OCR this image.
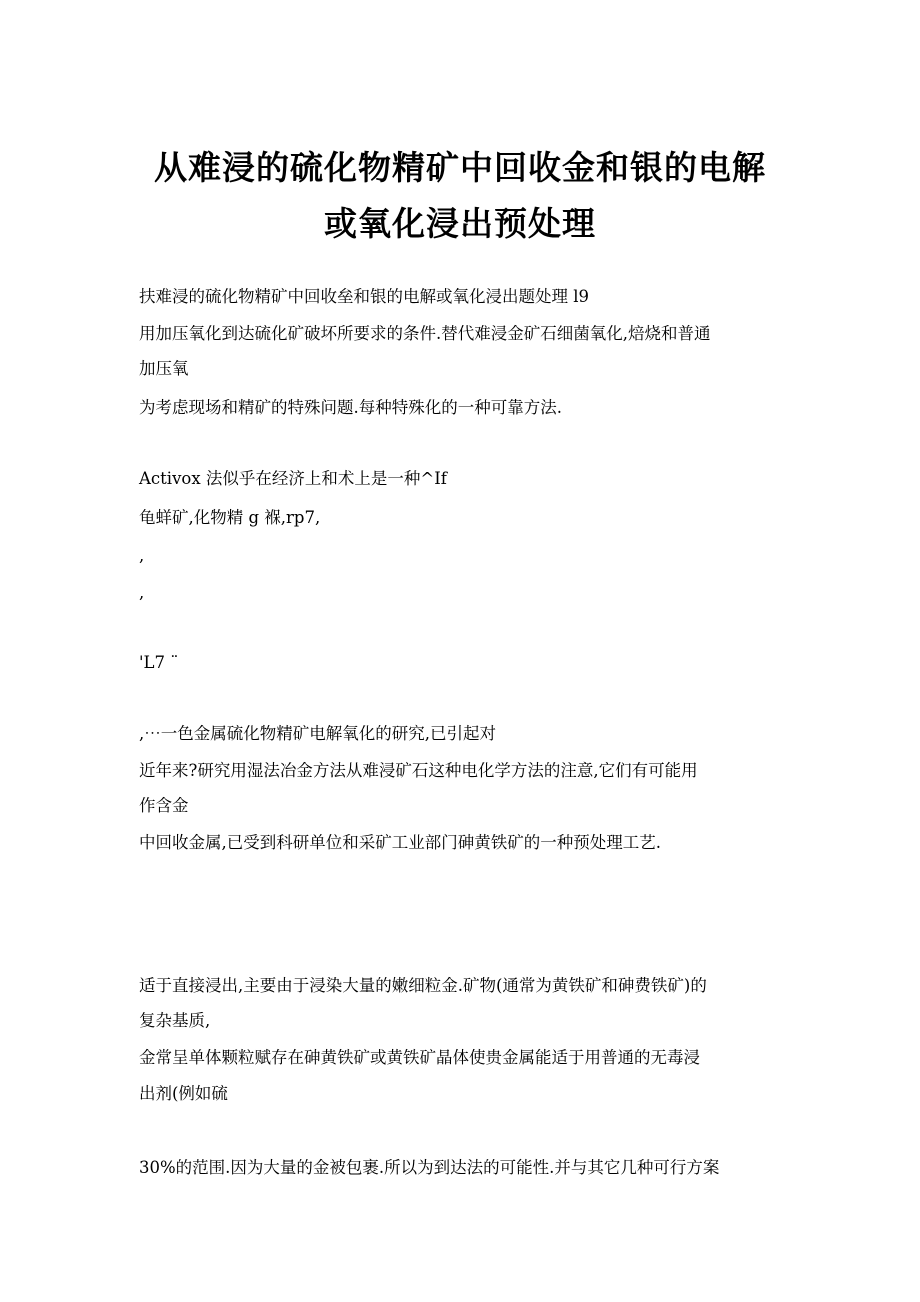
从难浸的硫化物精矿中回收金和银的电解
或氧化浸出预处理
扶难浸的硫化物精矿中回收垒和银的电解或氧化浸出题处理 l9
用加压氧化到达硫化矿破坏所要求的条件.替代难浸金矿石细菌氧化,焙烧和普通
加压氧
为考虑现场和精矿的特殊问题.每种特殊化的一种可靠方法.
Activox 法似乎在经济上和术上是一种^If
龟蛘矿,化物精 g 褓,rp7,
,
,
'L7 ¨
,⋯一色金属硫化物精矿电解氧化的研究,已引起对
近年来?研究用湿法冶金方法从难浸矿石这种电化学方法的注意,它们有可能用
作含金
中回收金属,已受到科研单位和采矿工业部门砷黄铁矿的一种预处理工艺.
适于直接浸出,主要由于浸染大量的嫩细粒金.矿物(通常为黄铁矿和砷费铁矿)的
复杂基质,
金常呈单体颗粒赋存在砷黄铁矿或黄铁矿晶体使贵金属能适于用普通的无毒浸
出剂(例如硫
30%的范围.因为大量的金被包裹.所以为到达法的可能性.并与其它几种可行方案
